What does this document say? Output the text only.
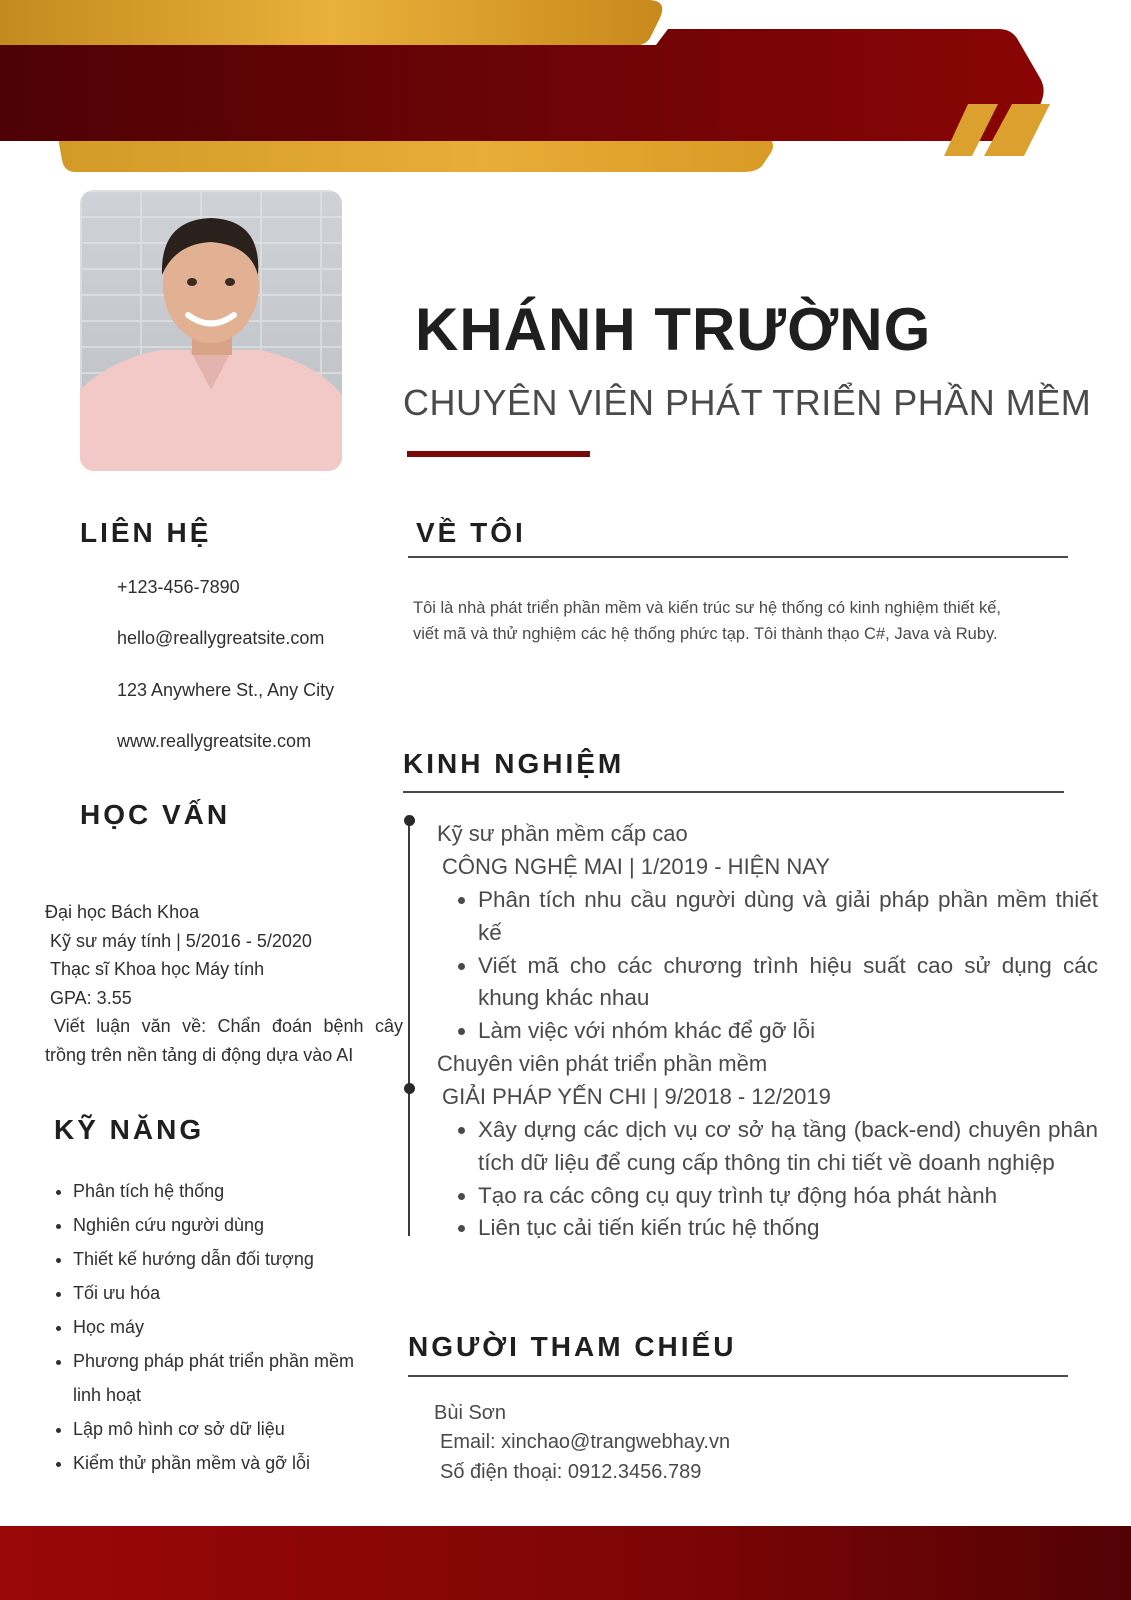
KHÁNH TRƯỜNG
CHUYÊN VIÊN PHÁT TRIỂN PHẦN MỀM
LIÊN HỆ
+123-456-7890
hello@reallygreatsite.com
123 Anywhere St., Any City
www.reallygreatsite.com
HỌC VẤN
Đại học Bách Khoa
Kỹ sư máy tính | 5/2016 - 5/2020
Thạc sĩ Khoa học Máy tính
GPA: 3.55
Viết luận văn về: Chẩn đoán bệnh cây trồng trên nền tảng di động dựa vào AI
KỸ NĂNG
• Phân tích hệ thống
• Nghiên cứu người dùng
• Thiết kế hướng dẫn đối tượng
• Tối ưu hóa
• Học máy
• Phương pháp phát triển phần mềm linh hoạt
• Lập mô hình cơ sở dữ liệu
• Kiểm thử phần mềm và gỡ lỗi
VỀ TÔI
Tôi là nhà phát triển phần mềm và kiến trúc sư hệ thống có kinh nghiệm thiết kế, viết mã và thử nghiệm các hệ thống phức tạp. Tôi thành thạo C#, Java và Ruby.
KINH NGHIỆM
Kỹ sư phần mềm cấp cao
CÔNG NGHỆ MAI | 1/2019 - HIỆN NAY
• Phân tích nhu cầu người dùng và giải pháp phần mềm thiết kế
• Viết mã cho các chương trình hiệu suất cao sử dụng các khung khác nhau
• Làm việc với nhóm khác để gỡ lỗi
Chuyên viên phát triển phần mềm
GIẢI PHÁP YẾN CHI | 9/2018 - 12/2019
• Xây dựng các dịch vụ cơ sở hạ tầng (back-end) chuyên phân tích dữ liệu để cung cấp thông tin chi tiết về doanh nghiệp
• Tạo ra các công cụ quy trình tự động hóa phát hành
• Liên tục cải tiến kiến trúc hệ thống
NGƯỜI THAM CHIẾU
Bùi Sơn
Email: xinchao@trangwebhay.vn
Số điện thoại: 0912.3456.789
